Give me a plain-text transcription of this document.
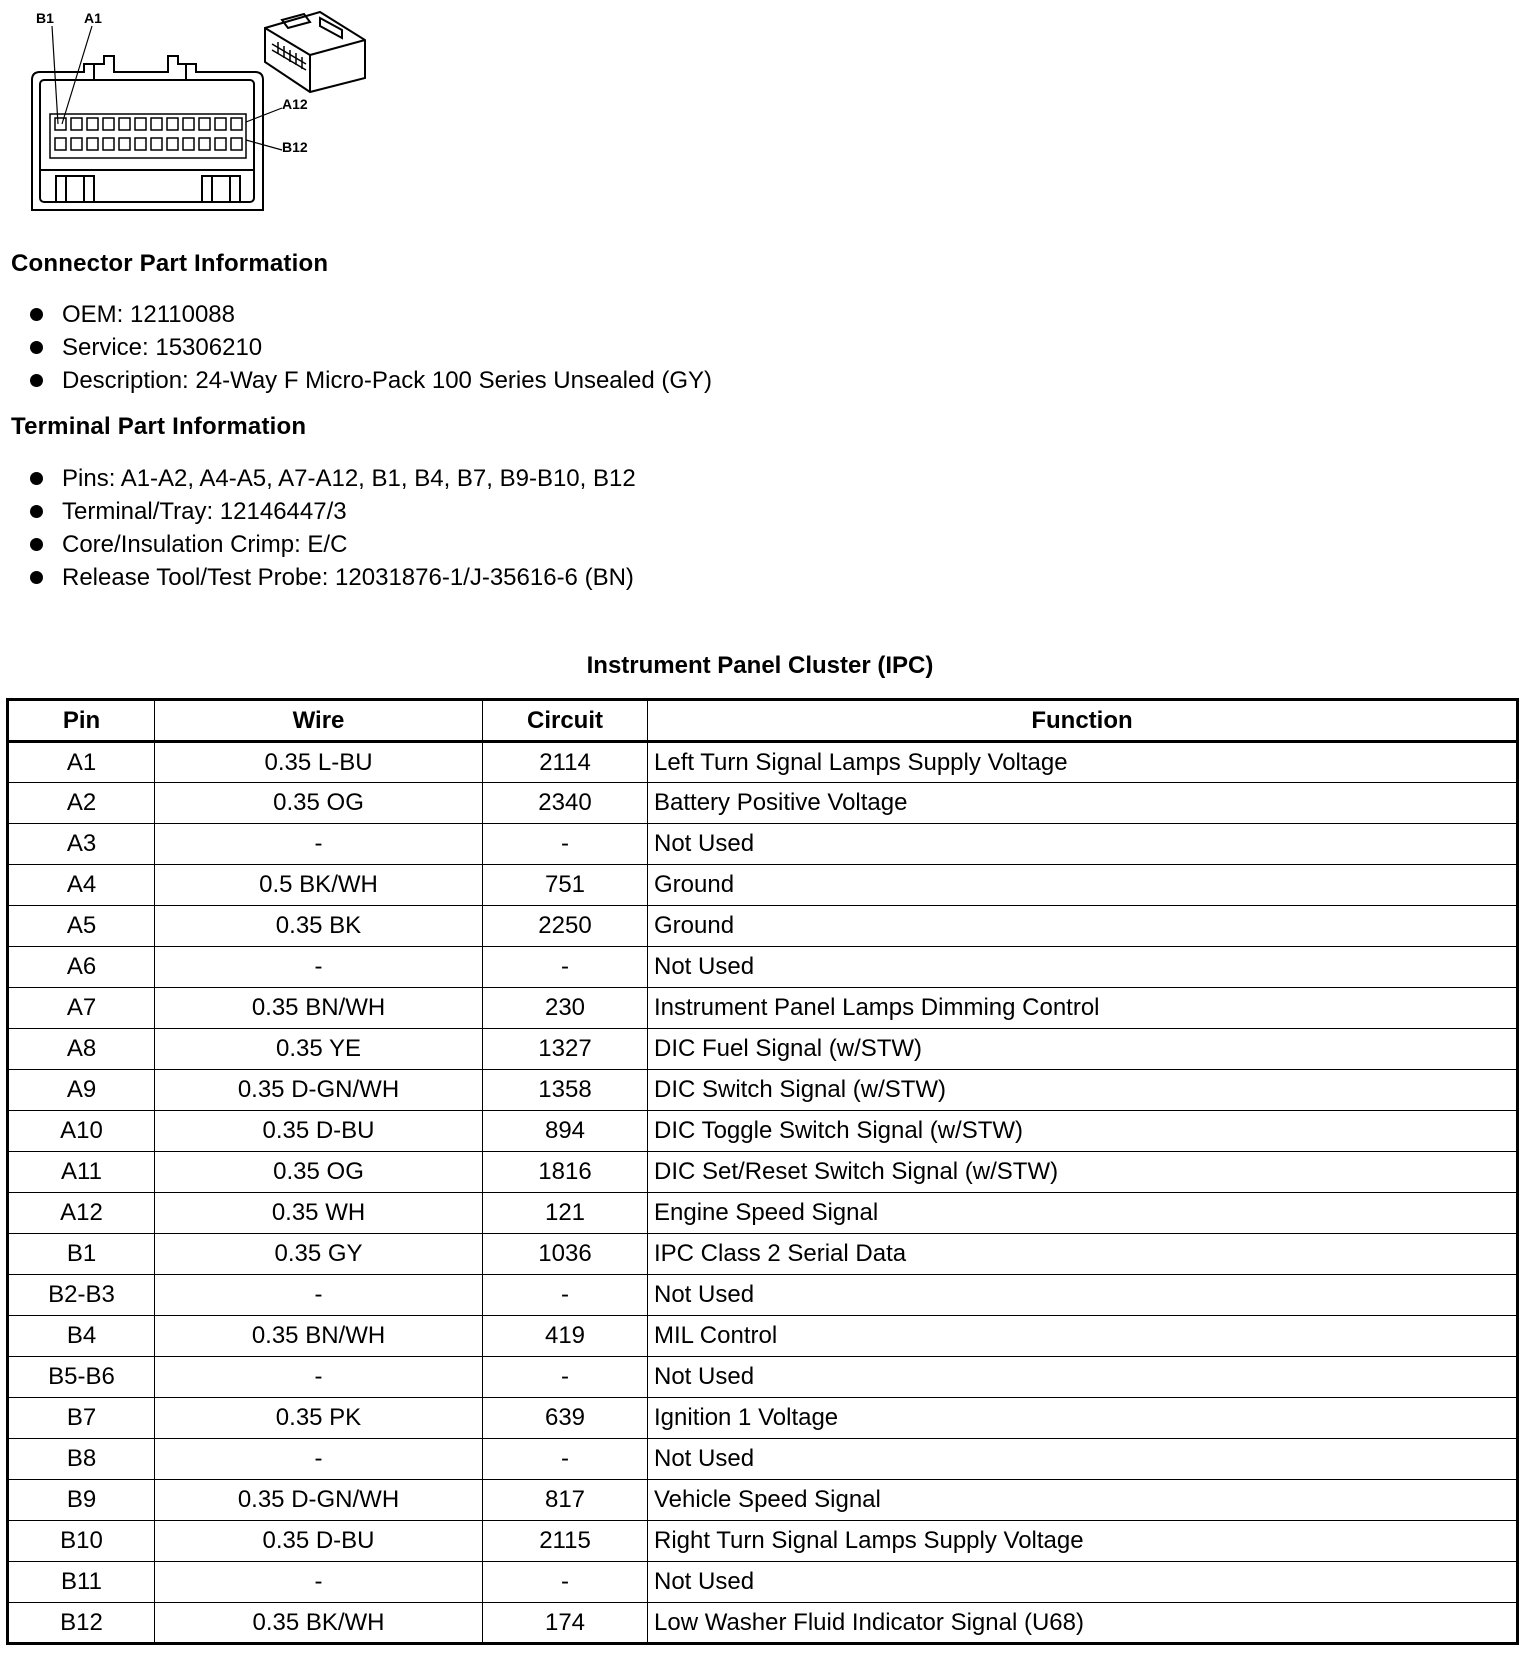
B1 A1
A12
B12
Connector Part Information
OEM: 12110088
Service: 15306210
Description: 24-Way F Micro-Pack 100 Series Unsealed (GY)
Terminal Part Information
Pins: A1-A2, A4-A5, A7-A12, B1, B4, B7, B9-B10, B12
Terminal/Tray: 12146447/3
Core/Insulation Crimp: E/C
Release Tool/Test Probe: 12031876-1/J-35616-6 (BN)
Instrument Panel Cluster (IPC)
Pin	Wire	Circuit	Function
A1	0.35 L-BU	2114	Left Turn Signal Lamps Supply Voltage
A2	0.35 OG	2340	Battery Positive Voltage
A3	-	-	Not Used
A4	0.5 BK/WH	751	Ground
A5	0.35 BK	2250	Ground
A6	-	-	Not Used
A7	0.35 BN/WH	230	Instrument Panel Lamps Dimming Control
A8	0.35 YE	1327	DIC Fuel Signal (w/STW)
A9	0.35 D-GN/WH	1358	DIC Switch Signal (w/STW)
A10	0.35 D-BU	894	DIC Toggle Switch Signal (w/STW)
A11	0.35 OG	1816	DIC Set/Reset Switch Signal (w/STW)
A12	0.35 WH	121	Engine Speed Signal
B1	0.35 GY	1036	IPC Class 2 Serial Data
B2-B3	-	-	Not Used
B4	0.35 BN/WH	419	MIL Control
B5-B6	-	-	Not Used
B7	0.35 PK	639	Ignition 1 Voltage
B8	-	-	Not Used
B9	0.35 D-GN/WH	817	Vehicle Speed Signal
B10	0.35 D-BU	2115	Right Turn Signal Lamps Supply Voltage
B11	-	-	Not Used
B12	0.35 BK/WH	174	Low Washer Fluid Indicator Signal (U68)
